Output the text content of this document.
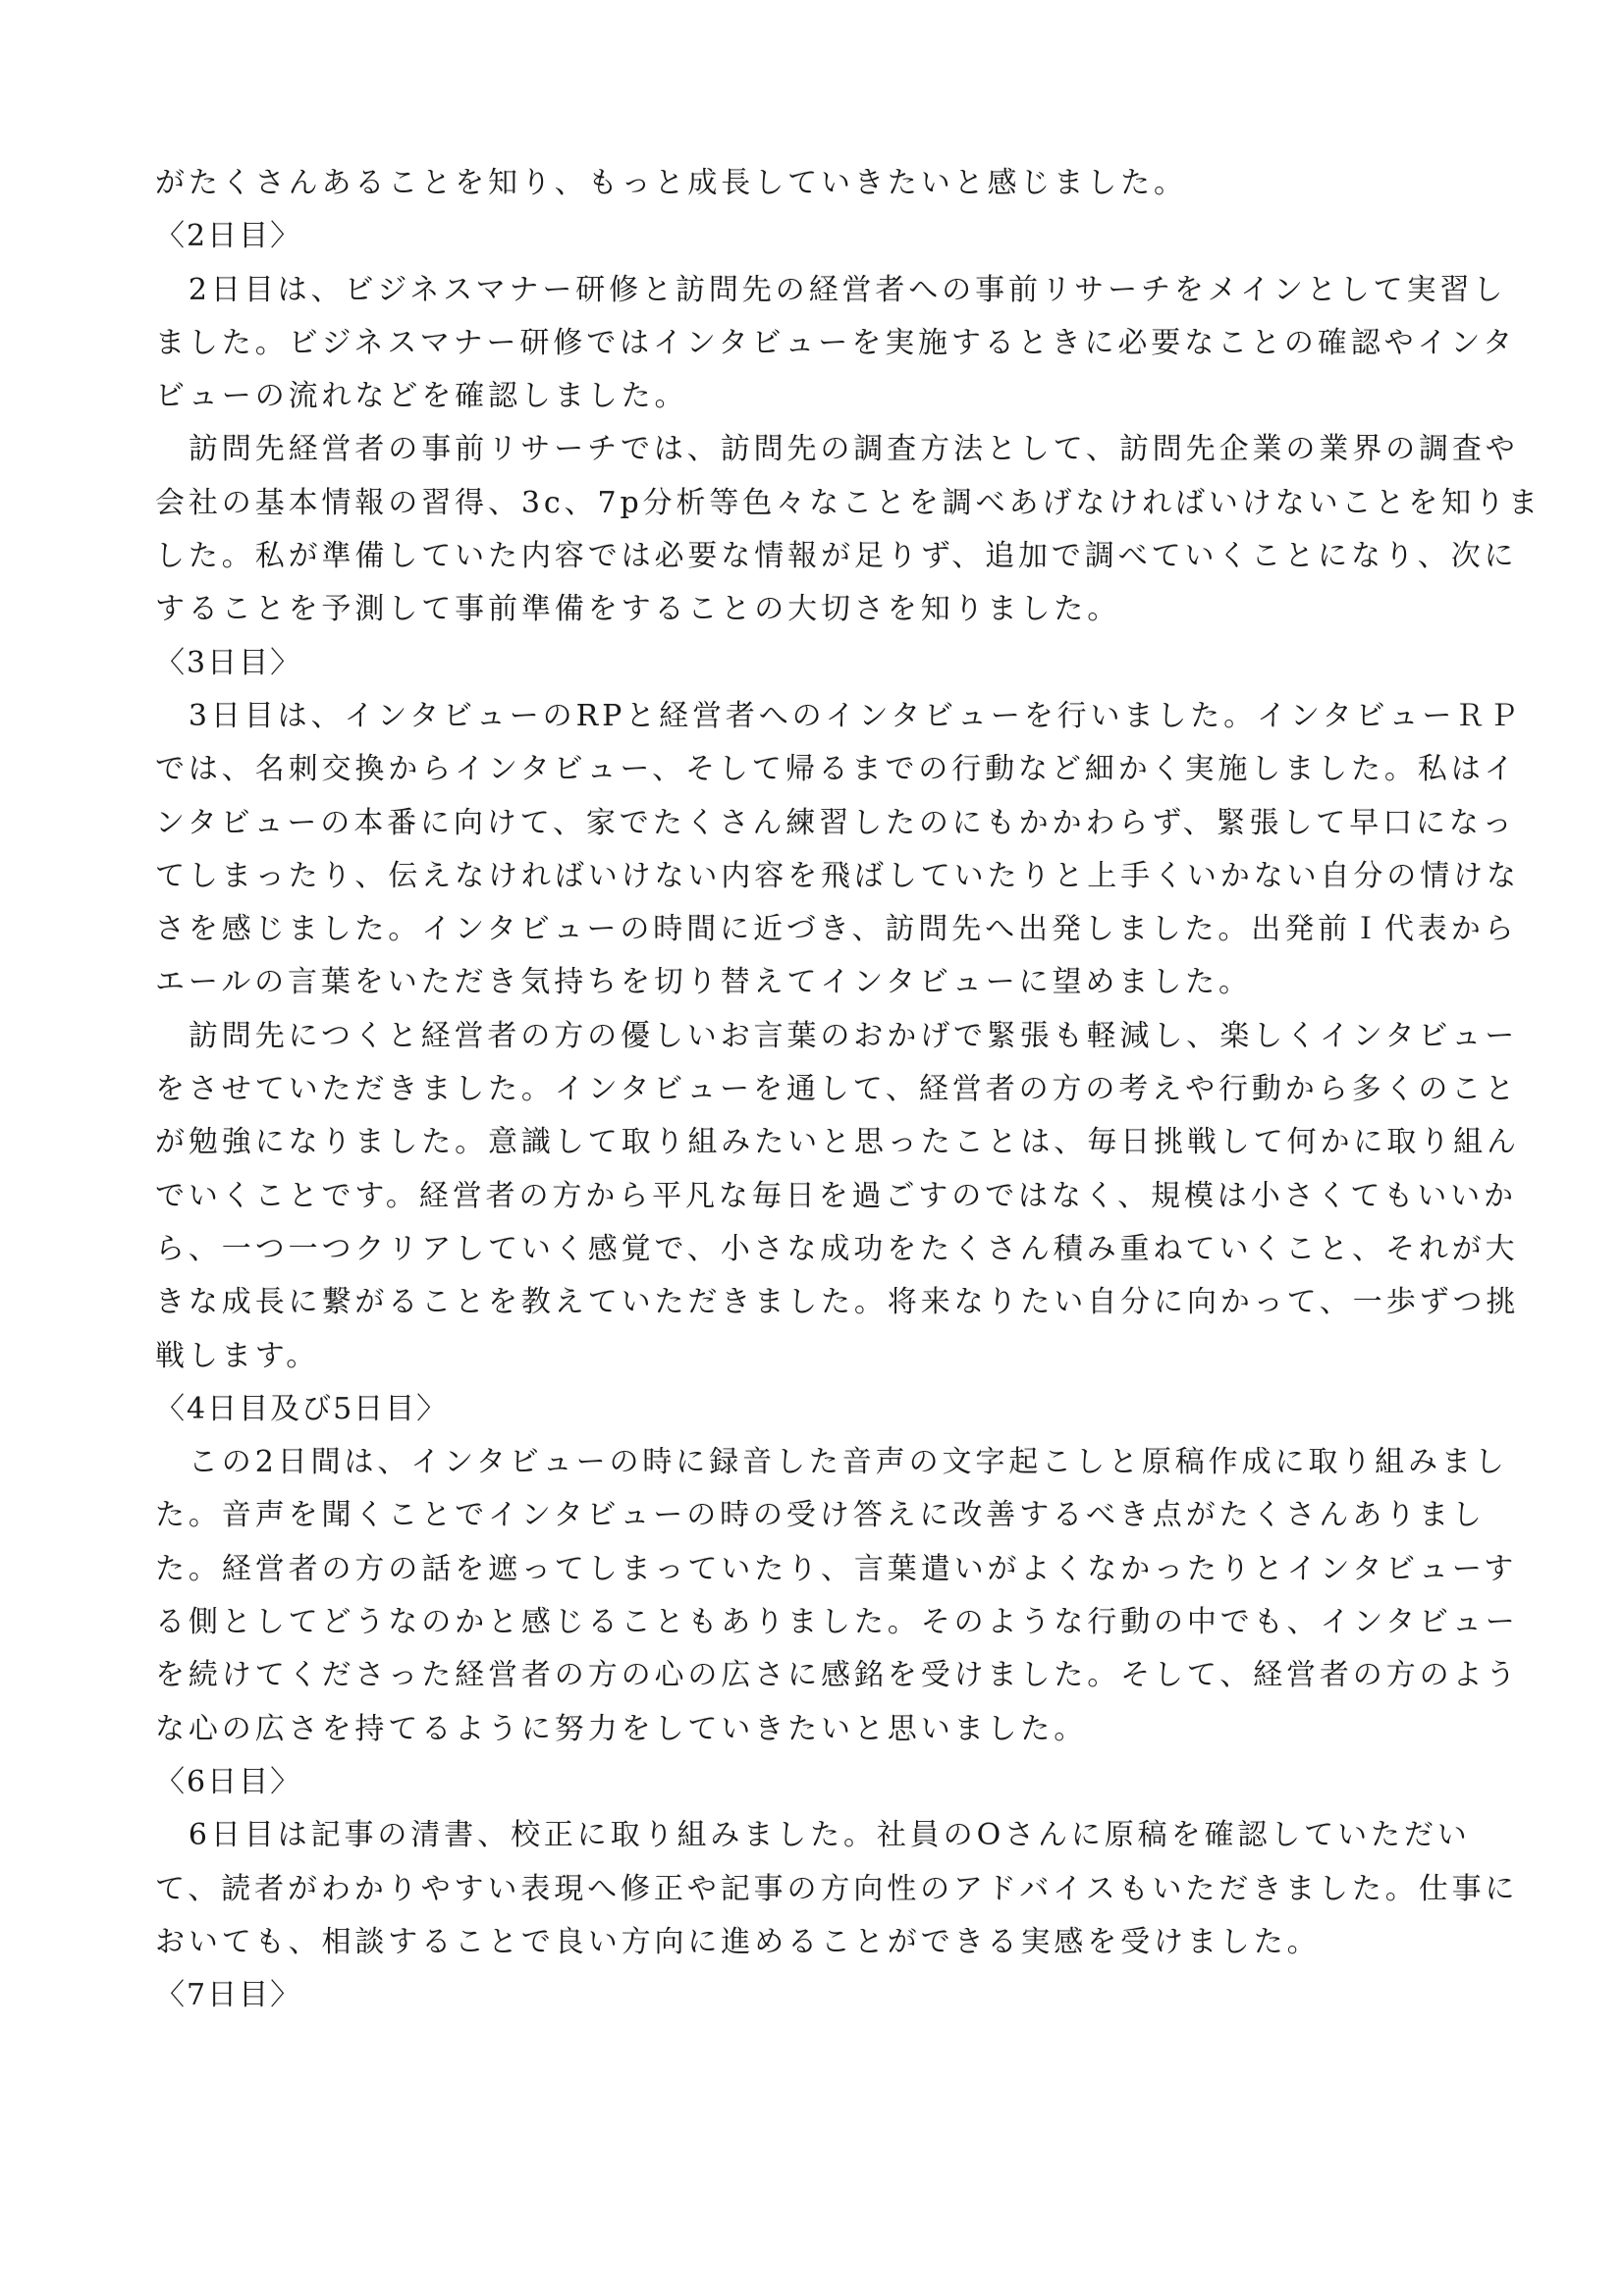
がたくさんあることを知り、もっと成長していきたいと感じました。
〈2日目〉
　2日目は、ビジネスマナー研修と訪問先の経営者への事前リサーチをメインとして実習し
ました。ビジネスマナー研修ではインタビューを実施するときに必要なことの確認やインタ
ビューの流れなどを確認しました。
　訪問先経営者の事前リサーチでは、訪問先の調査方法として、訪問先企業の業界の調査や
会社の基本情報の習得、3c、7p分析等色々なことを調べあげなければいけないことを知りま
した。私が準備していた内容では必要な情報が足りず、追加で調べていくことになり、次に
することを予測して事前準備をすることの大切さを知りました。
〈3日目〉
　3日目は、インタビューのRPと経営者へのインタビューを行いました。インタビューＲＰ
では、名刺交換からインタビュー、そして帰るまでの行動など細かく実施しました。私はイ
ンタビューの本番に向けて、家でたくさん練習したのにもかかわらず、緊張して早口になっ
てしまったり、伝えなければいけない内容を飛ばしていたりと上手くいかない自分の情けな
さを感じました。インタビューの時間に近づき、訪問先へ出発しました。出発前Ｉ代表から
エールの言葉をいただき気持ちを切り替えてインタビューに望めました。
　訪問先につくと経営者の方の優しいお言葉のおかげで緊張も軽減し、楽しくインタビュー
をさせていただきました。インタビューを通して、経営者の方の考えや行動から多くのこと
が勉強になりました。意識して取り組みたいと思ったことは、毎日挑戦して何かに取り組ん
でいくことです。経営者の方から平凡な毎日を過ごすのではなく、規模は小さくてもいいか
ら、一つ一つクリアしていく感覚で、小さな成功をたくさん積み重ねていくこと、それが大
きな成長に繋がることを教えていただきました。将来なりたい自分に向かって、一歩ずつ挑
戦します。
〈4日目及び5日目〉
　この2日間は、インタビューの時に録音した音声の文字起こしと原稿作成に取り組みまし
た。音声を聞くことでインタビューの時の受け答えに改善するべき点がたくさんありまし
た。経営者の方の話を遮ってしまっていたり、言葉遣いがよくなかったりとインタビューす
る側としてどうなのかと感じることもありました。そのような行動の中でも、インタビュー
を続けてくださった経営者の方の心の広さに感銘を受けました。そして、経営者の方のよう
な心の広さを持てるように努力をしていきたいと思いました。
〈6日目〉
　6日目は記事の清書、校正に取り組みました。社員のOさんに原稿を確認していただい
て、読者がわかりやすい表現へ修正や記事の方向性のアドバイスもいただきました。仕事に
おいても、相談することで良い方向に進めることができる実感を受けました。
〈7日目〉
